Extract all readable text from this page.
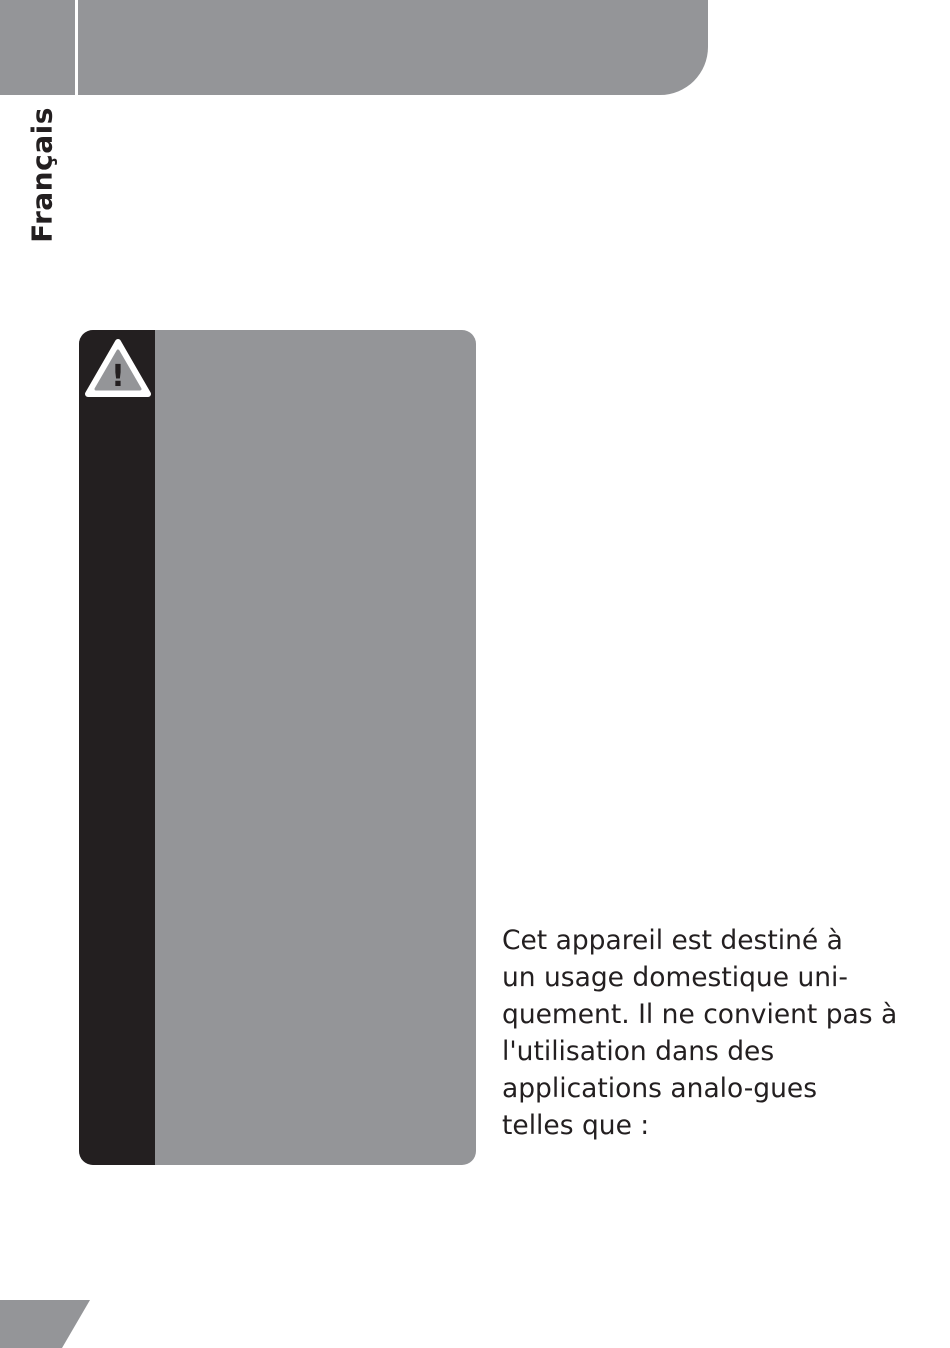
Français
!
Cet appareil est destiné à
un usage domestique uni-
quement. Il ne convient pas à
l'utilisation dans des
applications analo-gues
telles que :
